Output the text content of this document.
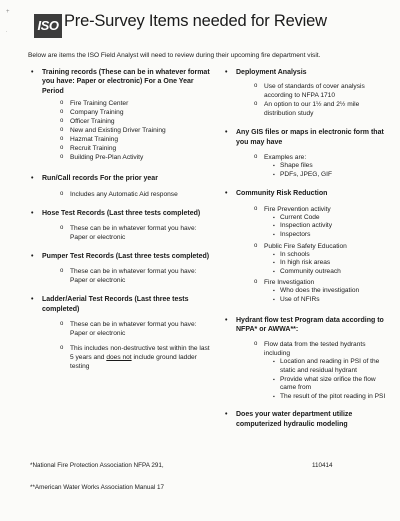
+
. ISO Pre-Survey Items needed for Review
Below are items the ISO Field Analyst will need to review during their upcoming fire department visit.
• Training records (These can be in whatever format you have: Paper or electronic) For a One Year Period
o Fire Training Center
o Company Training
o Officer Training
o New and Existing Driver Training
o Hazmat Training
o Recruit Training
o Building Pre-Plan Activity
• Run/Call records For the prior year
o Includes any Automatic Aid response
• Hose Test Records (Last three tests completed)
o These can be in whatever format you have: Paper or electronic
• Pumper Test Records (Last three tests completed)
o These can be in whatever format you have: Paper or electronic
• Ladder/Aerial Test Records (Last three tests completed)
o These can be in whatever format you have: Paper or electronic
o This includes non-destructive test within the last 5 years and does not include ground ladder testing
• Deployment Analysis
o Use of standards of cover analysis according to NFPA 1710
o An option to our 1½ and 2½ mile distribution study
• Any GIS files or maps in electronic form that you may have
o Examples are:
▪ Shape files
▪ PDFs, JPEG, GIF
• Community Risk Reduction
o Fire Prevention activity
▪ Current Code
▪ Inspection activity
▪ Inspectors
o Public Fire Safety Education
▪ In schools
▪ In high risk areas
▪ Community outreach
o Fire Investigation
▪ Who does the investigation
▪ Use of NFIRs
• Hydrant flow test Program data according to NFPA* or AWWA**:
o Flow data from the tested hydrants including
▪ Location and reading in PSI of the static and residual hydrant
▪ Provide what size orifice the flow came from
▪ The result of the pitot reading in PSI
• Does your water department utilize computerized hydraulic modeling
*National Fire Protection Association NFPA 291,	110414
**American Water Works Association Manual 17
